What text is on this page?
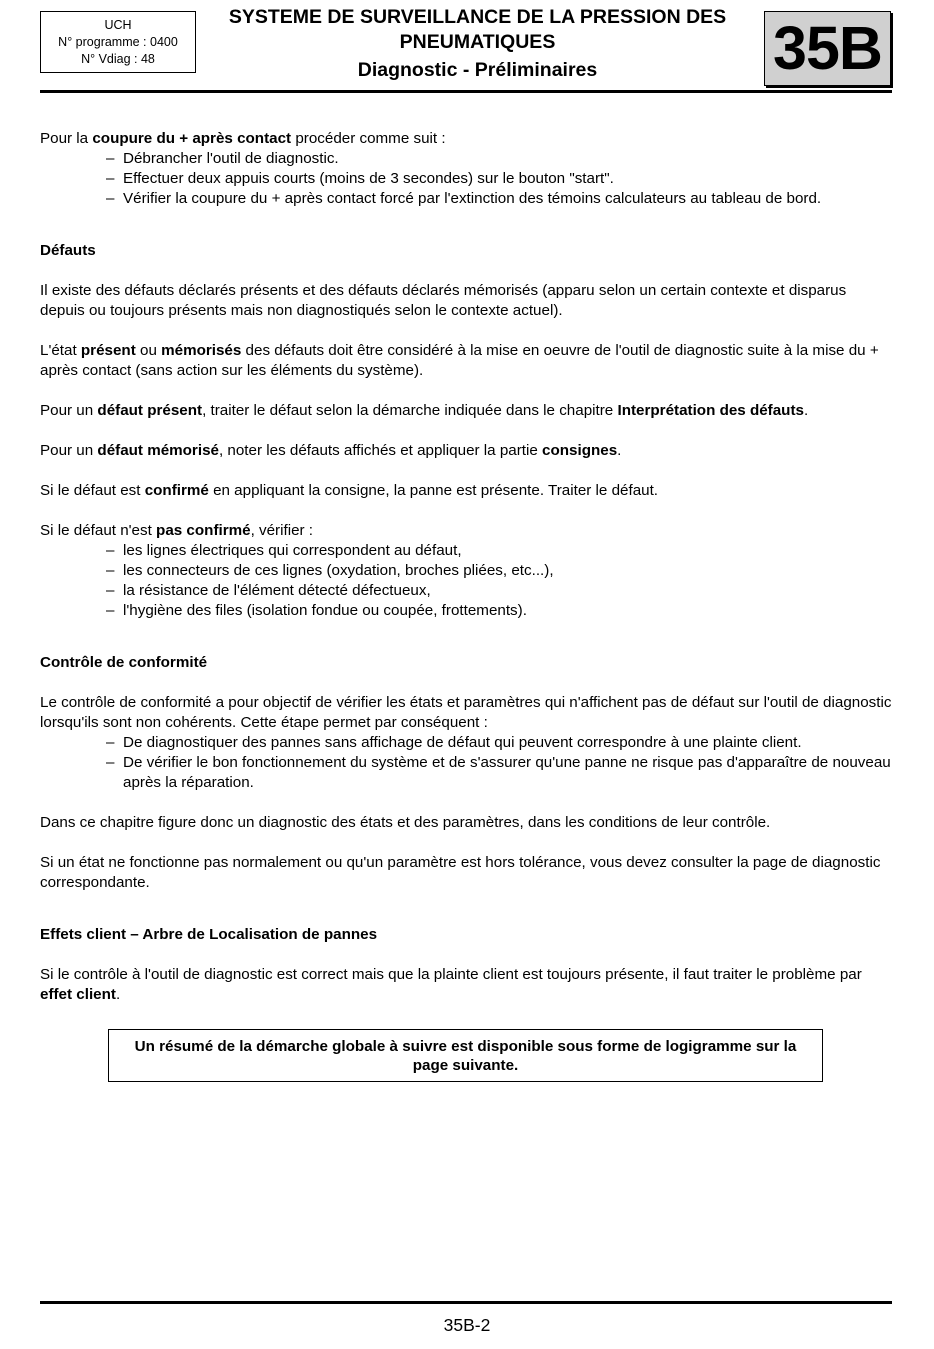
UCH
N° programme : 0400
N° Vdiag : 48
SYSTEME DE SURVEILLANCE DE LA PRESSION DES PNEUMATIQUES
Diagnostic - Préliminaires	35B

Pour la coupure du + après contact procéder comme suit :

– Débrancher l'outil de diagnostic.
– Effectuer deux appuis courts (moins de 3 secondes) sur le bouton "start".
– Vérifier la coupure du + après contact forcé par l'extinction des témoins calculateurs au tableau de bord.

Défauts

Il existe des défauts déclarés présents et des défauts déclarés mémorisés (apparu selon un certain contexte et disparus depuis ou toujours présents mais non diagnostiqués selon le contexte actuel).

L'état présent ou mémorisés des défauts doit être considéré à la mise en oeuvre de l'outil de diagnostic suite à la mise du + après contact (sans action sur les éléments du système).

Pour un défaut présent, traiter le défaut selon la démarche indiquée dans le chapitre Interprétation des défauts.

Pour un défaut mémorisé, noter les défauts affichés et appliquer la partie consignes.

Si le défaut est confirmé en appliquant la consigne, la panne est présente. Traiter le défaut.

Si le défaut n'est pas confirmé, vérifier :

– les lignes électriques qui correspondent au défaut,
– les connecteurs de ces lignes (oxydation, broches pliées, etc...),
– la résistance de l'élément détecté défectueux,
– l'hygiène des files (isolation fondue ou coupée, frottements).

Contrôle de conformité

Le contrôle de conformité a pour objectif de vérifier les états et paramètres qui n'affichent pas de défaut sur l'outil de diagnostic lorsqu'ils sont non cohérents. Cette étape permet par conséquent :

– De diagnostiquer des pannes sans affichage de défaut qui peuvent correspondre à une plainte client.
– De vérifier le bon fonctionnement du système et de s'assurer qu'une panne ne risque pas d'apparaître de nouveau après la réparation.

Dans ce chapitre figure donc un diagnostic des états et des paramètres, dans les conditions de leur contrôle.

Si un état ne fonctionne pas normalement ou qu'un paramètre est hors tolérance, vous devez consulter la page de diagnostic correspondante.

Effets client – Arbre de Localisation de pannes

Si le contrôle à l'outil de diagnostic est correct mais que la plainte client est toujours présente, il faut traiter le problème par effet client.

Un résumé de la démarche globale à suivre est disponible sous forme de logigramme sur la page suivante.
35B-2
